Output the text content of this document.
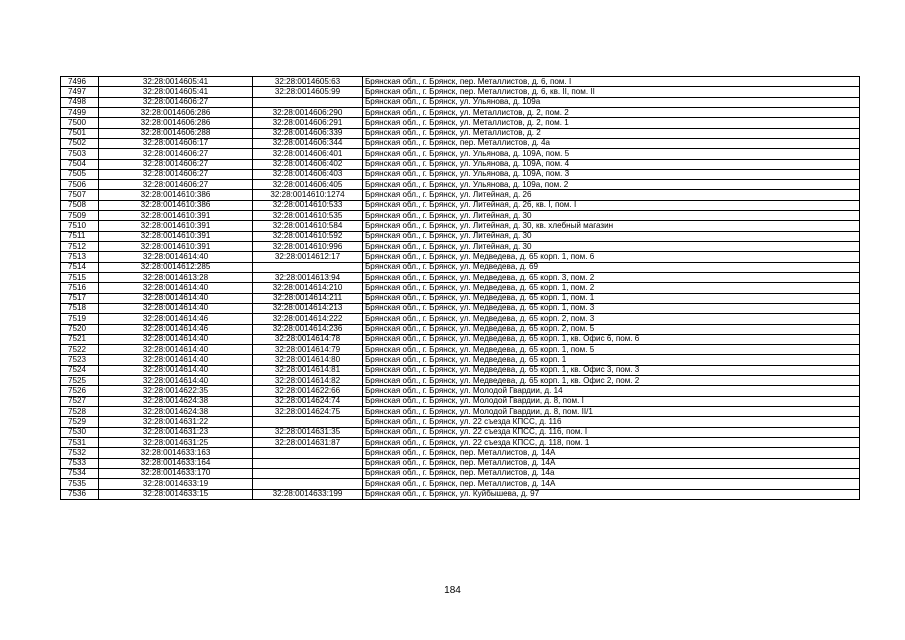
7496	32:28:0014605:41	32:28:0014605:63	Брянская обл., г. Брянск, пер. Металлистов, д. 6, пом. I
7497	32:28:0014605:41	32:28:0014605:99	Брянская обл., г. Брянск, пер. Металлистов, д. 6, кв. II, пом. II
7498	32:28:0014606:27		Брянская обл., г. Брянск, ул. Ульянова, д. 109а
7499	32:28:0014606:286	32:28:0014606:290	Брянская обл., г. Брянск, ул. Металлистов, д. 2, пом. 2
7500	32:28:0014606:286	32:28:0014606:291	Брянская обл., г. Брянск, ул. Металлистов, д. 2, пом. 1
7501	32:28:0014606:288	32:28:0014606:339	Брянская обл., г. Брянск, ул. Металлистов, д. 2
7502	32:28:0014606:17	32:28:0014606:344	Брянская обл., г. Брянск, пер. Металлистов, д. 4а
7503	32:28:0014606:27	32:28:0014606:401	Брянская обл., г. Брянск, ул. Ульянова, д. 109А, пом. 5
7504	32:28:0014606:27	32:28:0014606:402	Брянская обл., г. Брянск, ул. Ульянова, д. 109А, пом. 4
7505	32:28:0014606:27	32:28:0014606:403	Брянская обл., г. Брянск, ул. Ульянова, д. 109А, пом. 3
7506	32:28:0014606:27	32:28:0014606:405	Брянская обл., г. Брянск, ул. Ульянова, д. 109а, пом. 2
7507	32:28:0014610:386	32:28:0014610:1274	Брянская обл., г. Брянск, ул. Литейная, д. 26
7508	32:28:0014610:386	32:28:0014610:533	Брянская обл., г. Брянск, ул. Литейная, д. 26, кв. I, пом. I
7509	32:28:0014610:391	32:28:0014610:535	Брянская обл., г. Брянск, ул. Литейная, д. 30
7510	32:28:0014610:391	32:28:0014610:584	Брянская обл., г. Брянск, ул. Литейная, д. 30, кв. хлебный магазин
7511	32:28:0014610:391	32:28:0014610:592	Брянская обл., г. Брянск, ул. Литейная, д. 30
7512	32:28:0014610:391	32:28:0014610:996	Брянская обл., г. Брянск, ул. Литейная, д. 30
7513	32:28:0014614:40	32:28:0014612:17	Брянская обл., г. Брянск, ул. Медведева, д. 65 корп. 1, пом. 6
7514	32:28:0014612:285		Брянская обл., г. Брянск, ул. Медведева, д. 69
7515	32:28:0014613:28	32:28:0014613:94	Брянская обл., г. Брянск, ул. Медведева, д. 65 корп. 3, пом. 2
7516	32:28:0014614:40	32:28:0014614:210	Брянская обл., г. Брянск, ул. Медведева, д. 65 корп. 1, пом. 2
7517	32:28:0014614:40	32:28:0014614:211	Брянская обл., г. Брянск, ул. Медведева, д. 65 корп. 1, пом. 1
7518	32:28:0014614:40	32:28:0014614:213	Брянская обл., г. Брянск, ул. Медведева, д. 65 корп. 1, пом. 3
7519	32:28:0014614:46	32:28:0014614:222	Брянская обл., г. Брянск, ул. Медведева, д. 65 корп. 2, пом. 3
7520	32:28:0014614:46	32:28:0014614:236	Брянская обл., г. Брянск, ул. Медведева, д. 65 корп. 2, пом. 5
7521	32:28:0014614:40	32:28:0014614:78	Брянская обл., г. Брянск, ул. Медведева, д. 65 корп. 1, кв. Офис 6, пом. 6
7522	32:28:0014614:40	32:28:0014614:79	Брянская обл., г. Брянск, ул. Медведева, д. 65 корп. 1, пом. 5
7523	32:28:0014614:40	32:28:0014614:80	Брянская обл., г. Брянск, ул. Медведева, д. 65 корп. 1
7524	32:28:0014614:40	32:28:0014614:81	Брянская обл., г. Брянск, ул. Медведева, д. 65 корп. 1, кв. Офис 3, пом. 3
7525	32:28:0014614:40	32:28:0014614:82	Брянская обл., г. Брянск, ул. Медведева, д. 65 корп. 1, кв. Офис 2, пом. 2
7526	32:28:0014622:35	32:28:0014622:66	Брянская обл., г. Брянск, ул. Молодой Гвардии, д. 14
7527	32:28:0014624:38	32:28:0014624:74	Брянская обл., г. Брянск, ул. Молодой Гвардии, д. 8, пом. I
7528	32:28:0014624:38	32:28:0014624:75	Брянская обл., г. Брянск, ул. Молодой Гвардии, д. 8, пом. II/1
7529	32:28:0014631:22		Брянская обл., г. Брянск, ул. 22 съезда КПСС, д. 116
7530	32:28:0014631:23	32:28:0014631:35	Брянская обл., г. Брянск, ул. 22 съезда КПСС, д. 116, пом. I
7531	32:28:0014631:25	32:28:0014631:87	Брянская обл., г. Брянск, ул. 22 съезда КПСС, д. 118, пом. 1
7532	32:28:0014633:163		Брянская обл., г. Брянск, пер. Металлистов, д. 14А
7533	32:28:0014633:164		Брянская обл., г. Брянск, пер. Металлистов, д. 14А
7534	32:28:0014633:170		Брянская обл., г. Брянск, пер. Металлистов, д. 14а
7535	32:28:0014633:19		Брянская обл., г. Брянск, пер. Металлистов, д. 14А
7536	32:28:0014633:15	32:28:0014633:199	Брянская обл., г. Брянск, ул. Куйбышева, д. 97
184
